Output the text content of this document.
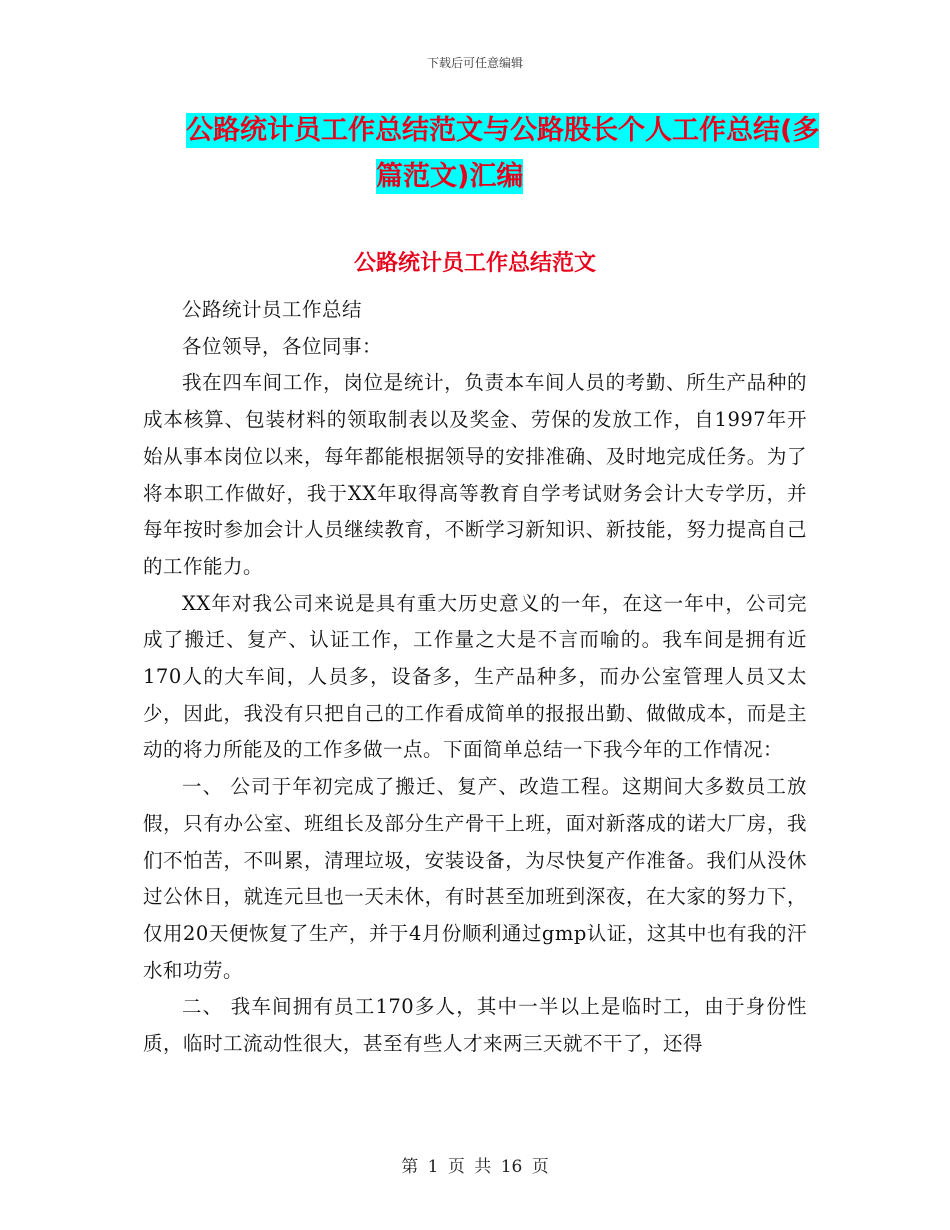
下载后可任意编辑
公路统计员工作总结范文与公路股长个人工作总结(多
篇范文)汇编
公路统计员工作总结范文

公路统计员工作总结

各位领导，各位同事：

我在四车间工作，岗位是统计，负责本车间人员的考勤、所生产品种的成本核算、包装材料的领取制表以及奖金、劳保的发放工作，自1997年开始从事本岗位以来，每年都能根据领导的安排准确、及时地完成任务。为了将本职工作做好，我于XX年取得高等教育自学考试财务会计大专学历，并每年按时参加会计人员继续教育，不断学习新知识、新技能，努力提高自己的工作能力。

XX年对我公司来说是具有重大历史意义的一年，在这一年中，公司完成了搬迁、复产、认证工作，工作量之大是不言而喻的。我车间是拥有近170人的大车间，人员多，设备多，生产品种多，而办公室管理人员又太少，因此，我没有只把自己的工作看成简单的报报出勤、做做成本，而是主动的将力所能及的工作多做一点。下面简单总结一下我今年的工作情况：

一、 公司于年初完成了搬迁、复产、改造工程。这期间大多数员工放假，只有办公室、班组长及部分生产骨干上班，面对新落成的诺大厂房，我们不怕苦，不叫累，清理垃圾，安装设备，为尽快复产作准备。我们从没休过公休日，就连元旦也一天未休，有时甚至加班到深夜，在大家的努力下，仅用20天便恢复了生产，并于4月份顺利通过gmp认证，这其中也有我的汗水和功劳。

二、 我车间拥有员工170多人，其中一半以上是临时工，由于身份性质，临时工流动性很大，甚至有些人才来两三天就不干了，还得

第 1 页 共 16 页
